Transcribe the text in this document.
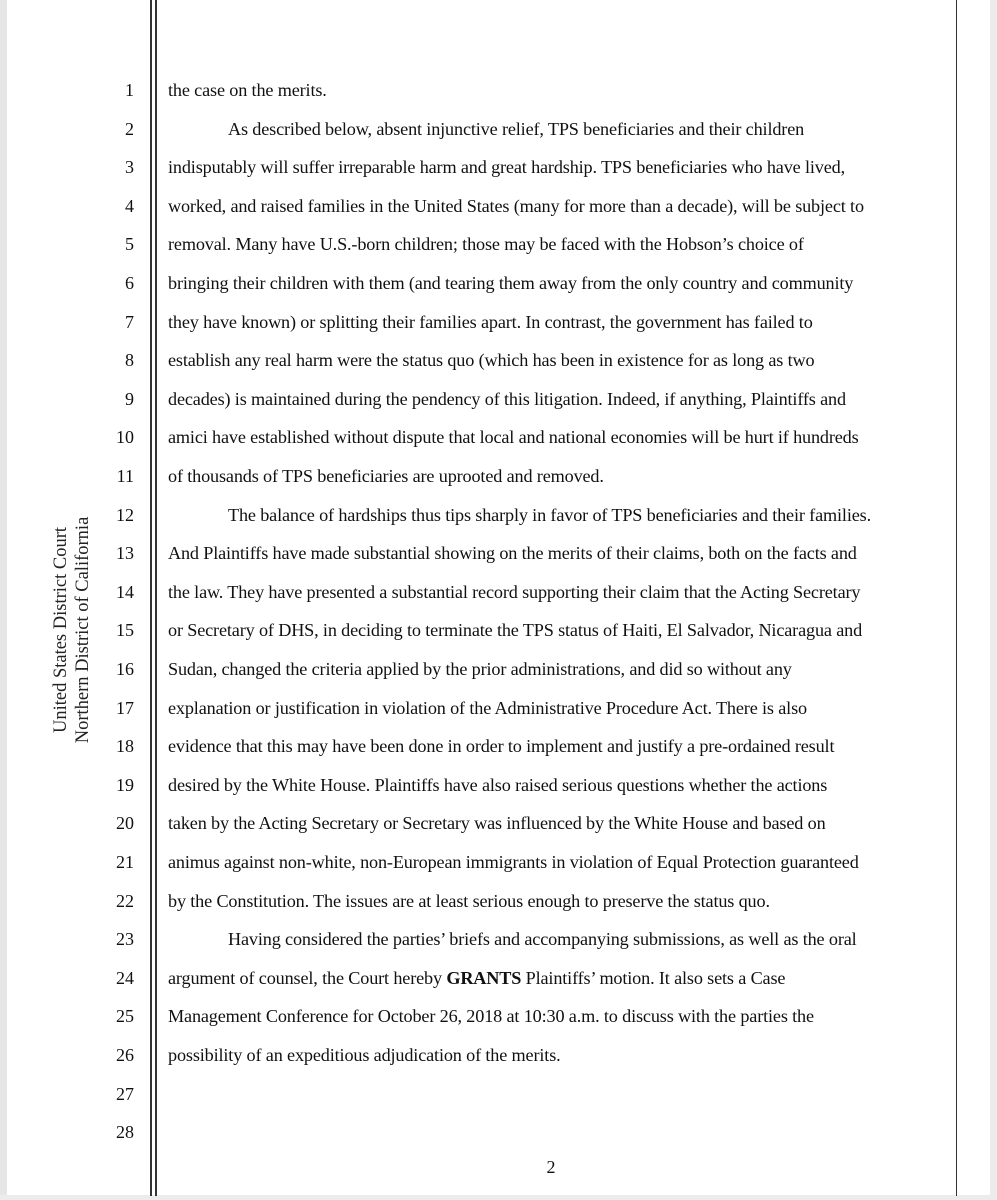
United States District Court Northern District of California
1
2
3
4
5
6
7
8
9
10
11
12
13
14
15
16
17
18
19
20
21
22
23
24
25
26
27
28
argument of counsel, the Court hereby GRANTS Plaintiffs’ motion. It also sets a Case
the case on the merits.
As described below, absent injunctive relief, TPS beneficiaries and their children
indisputably will suffer irreparable harm and great hardship. TPS beneficiaries who have lived,
worked, and raised families in the United States (many for more than a decade), will be subject to
removal. Many have U.S.-born children; those may be faced with the Hobson’s choice of
bringing their children with them (and tearing them away from the only country and community
they have known) or splitting their families apart. In contrast, the government has failed to
establish any real harm were the status quo (which has been in existence for as long as two
decades) is maintained during the pendency of this litigation. Indeed, if anything, Plaintiffs and
amici have established without dispute that local and national economies will be hurt if hundreds
of thousands of TPS beneficiaries are uprooted and removed.
The balance of hardships thus tips sharply in favor of TPS beneficiaries and their families.
And Plaintiffs have made substantial showing on the merits of their claims, both on the facts and
the law. They have presented a substantial record supporting their claim that the Acting Secretary
or Secretary of DHS, in deciding to terminate the TPS status of Haiti, El Salvador, Nicaragua and
Sudan, changed the criteria applied by the prior administrations, and did so without any
explanation or justification in violation of the Administrative Procedure Act. There is also
evidence that this may have been done in order to implement and justify a pre-ordained result
desired by the White House. Plaintiffs have also raised serious questions whether the actions
taken by the Acting Secretary or Secretary was influenced by the White House and based on
animus against non-white, non-European immigrants in violation of Equal Protection guaranteed
by the Constitution. The issues are at least serious enough to preserve the status quo.
Having considered the parties’ briefs and accompanying submissions, as well as the oral
Management Conference for October 26, 2018 at 10:30 a.m. to discuss with the parties the
possibility of an expeditious adjudication of the merits.
2
